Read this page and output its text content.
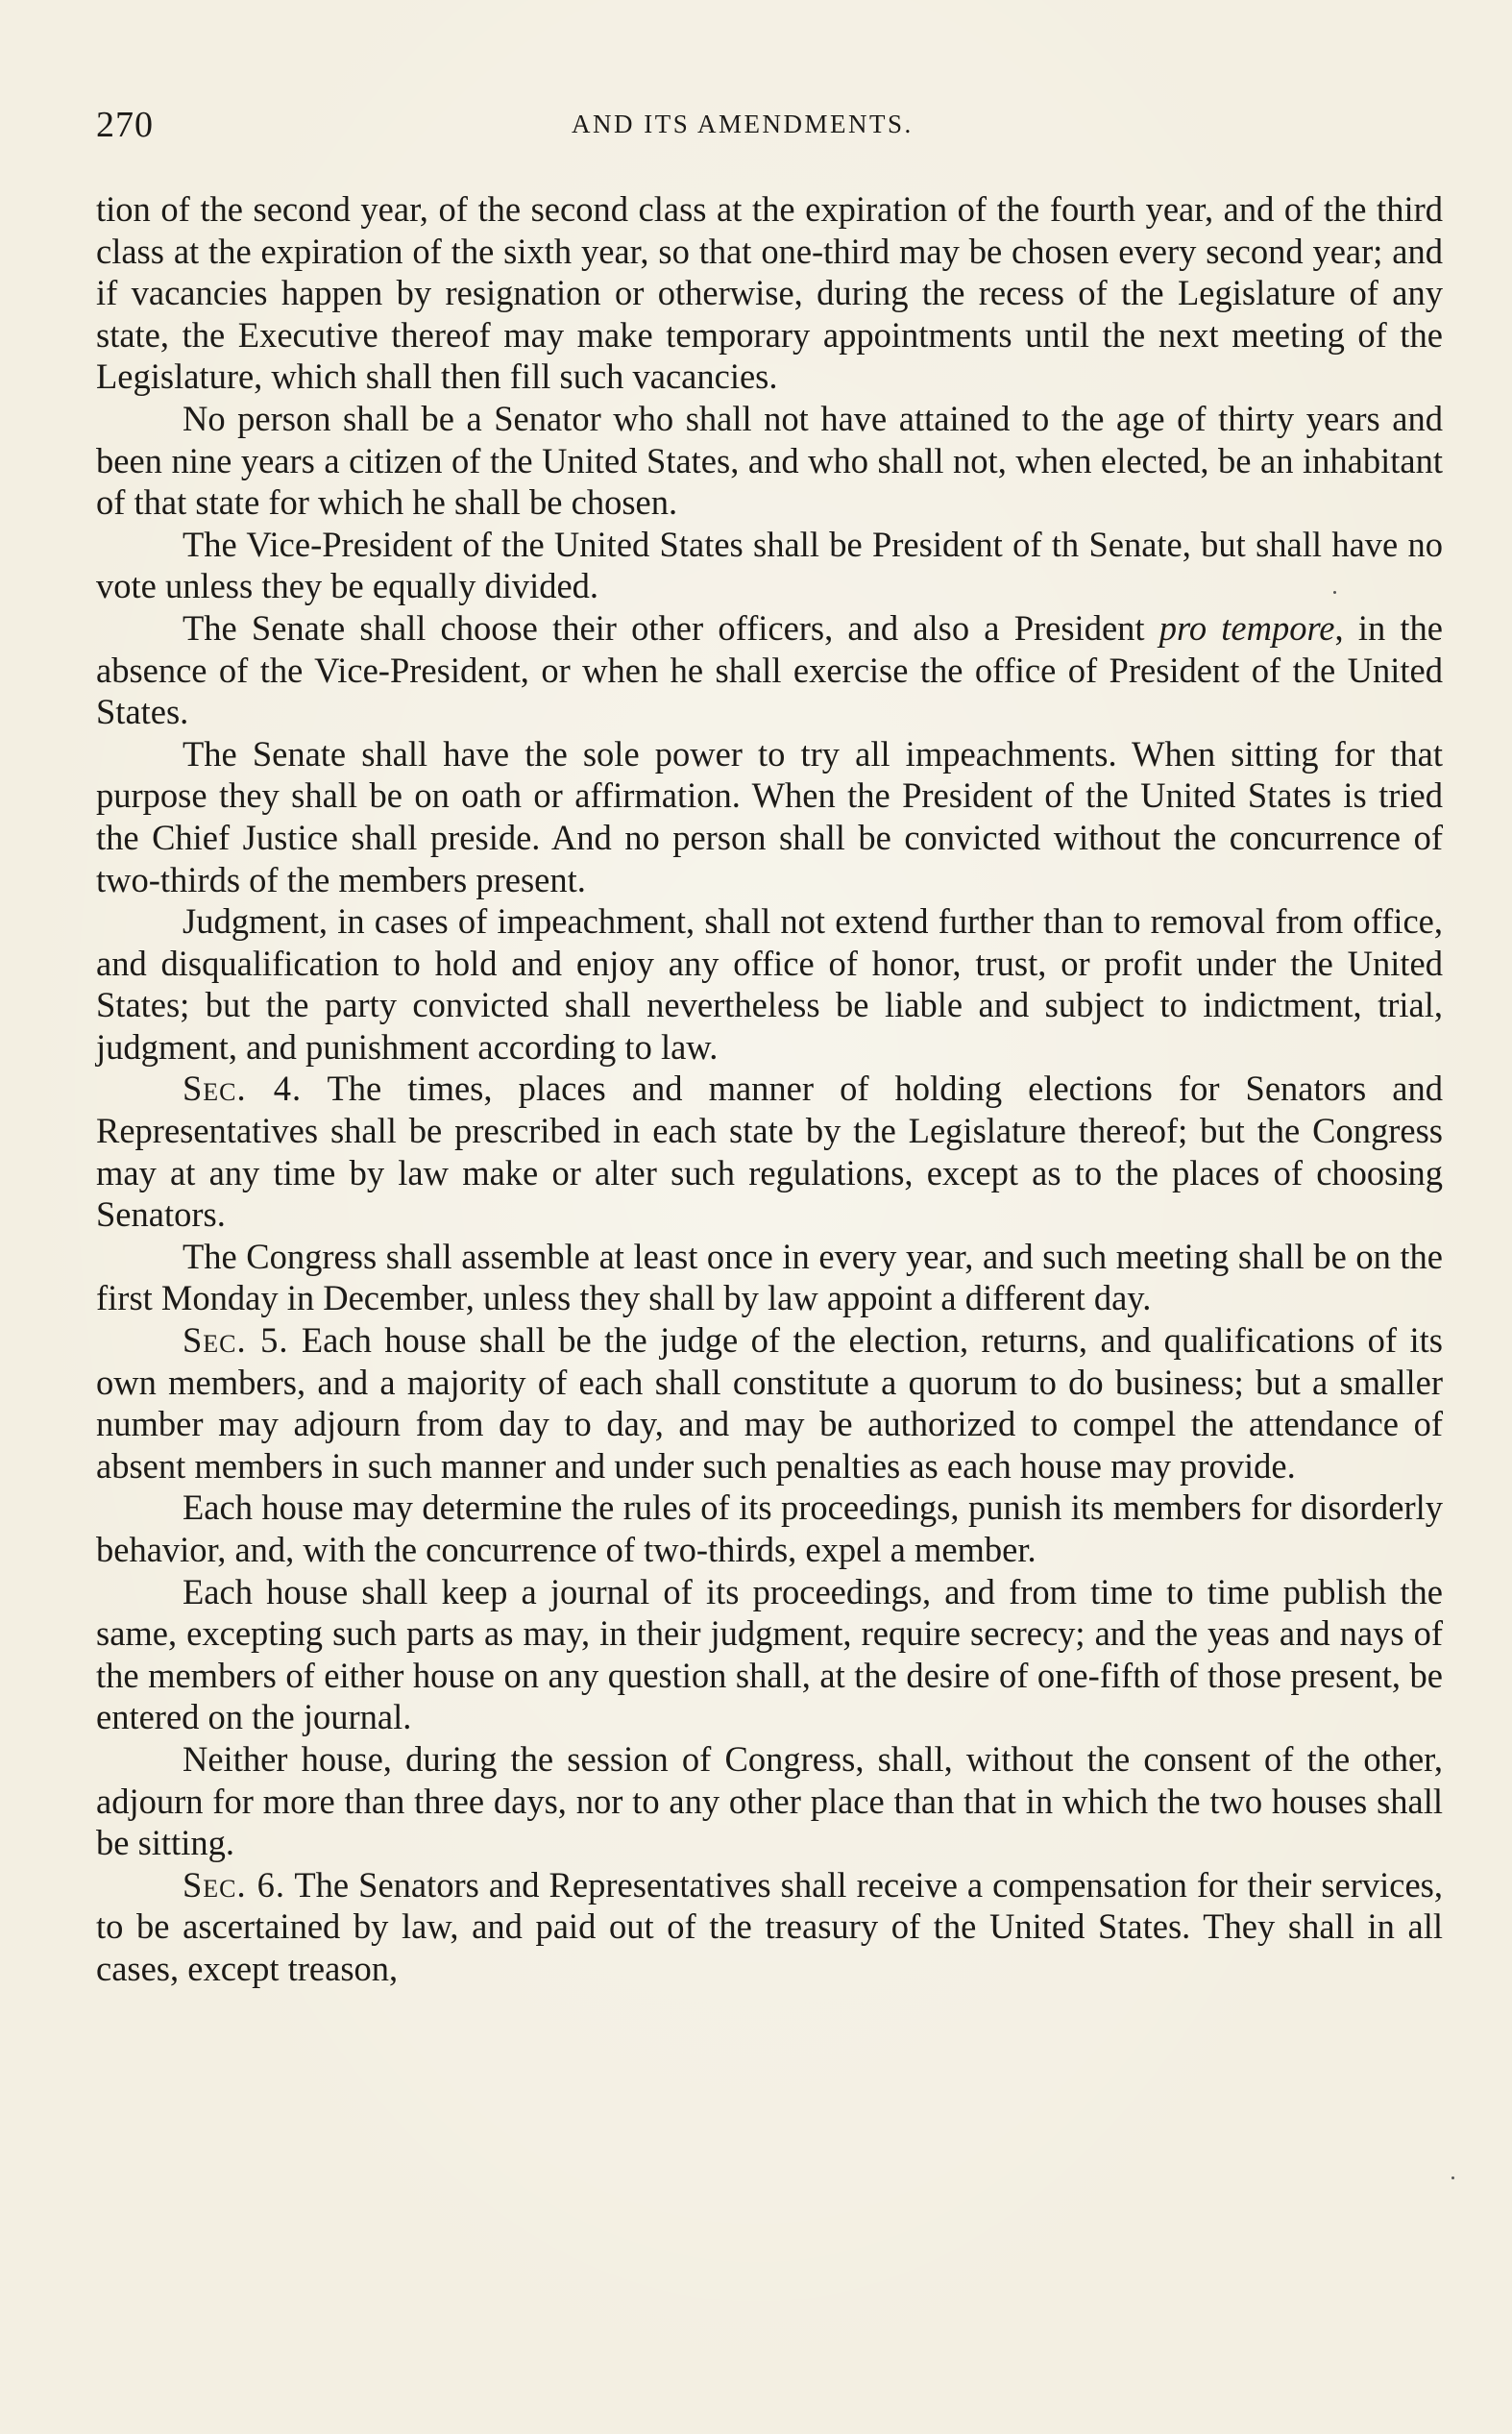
270	AND ITS AMENDMENTS.

tion of the second year, of the second class at the expiration of the fourth year, and of the third class at the expiration of the sixth year, so that one-third may be chosen every second year; and if vacancies happen by resignation or otherwise, during the recess of the Legislature of any state, the Executive thereof may make temporary appointments until the next meeting of the Legislature, which shall then fill such vacancies.

No person shall be a Senator who shall not have attained to the age of thirty years and been nine years a citizen of the United States, and who shall not, when elected, be an inhabitant of that state for which he shall be chosen.

The Vice-President of the United States shall be President of th Senate, but shall have no vote unless they be equally divided.

The Senate shall choose their other officers, and also a President pro tempore, in the absence of the Vice-President, or when he shall exercise the office of President of the United States.

The Senate shall have the sole power to try all impeachments. When sitting for that purpose they shall be on oath or affirmation. When the President of the United States is tried the Chief Justice shall preside. And no person shall be convicted without the concurrence of two-thirds of the members present.

Judgment, in cases of impeachment, shall not extend further than to removal from office, and disqualification to hold and enjoy any office of honor, trust, or profit under the United States; but the party convicted shall nevertheless be liable and subject to indictment, trial, judgment, and punishment according to law.

Sec. 4. The times, places and manner of holding elections for Senators and Representatives shall be prescribed in each state by the Legislature thereof; but the Congress may at any time by law make or alter such regulations, except as to the places of choosing Senators.

The Congress shall assemble at least once in every year, and such meeting shall be on the first Monday in December, unless they shall by law appoint a different day.

Sec. 5. Each house shall be the judge of the election, returns, and qualifications of its own members, and a majority of each shall constitute a quorum to do business; but a smaller number may adjourn from day to day, and may be authorized to compel the attendance of absent members in such manner and under such penalties as each house may provide.

Each house may determine the rules of its proceedings, punish its members for disorderly behavior, and, with the concurrence of two-thirds, expel a member.

Each house shall keep a journal of its proceedings, and from time to time publish the same, excepting such parts as may, in their judgment, require secrecy; and the yeas and nays of the members of either house on any question shall, at the desire of one-fifth of those present, be entered on the journal.

Neither house, during the session of Congress, shall, without the consent of the other, adjourn for more than three days, nor to any other place than that in which the two houses shall be sitting.

Sec. 6. The Senators and Representatives shall receive a compensation for their services, to be ascertained by law, and paid out of the treasury of the United States. They shall in all cases, except treason,
